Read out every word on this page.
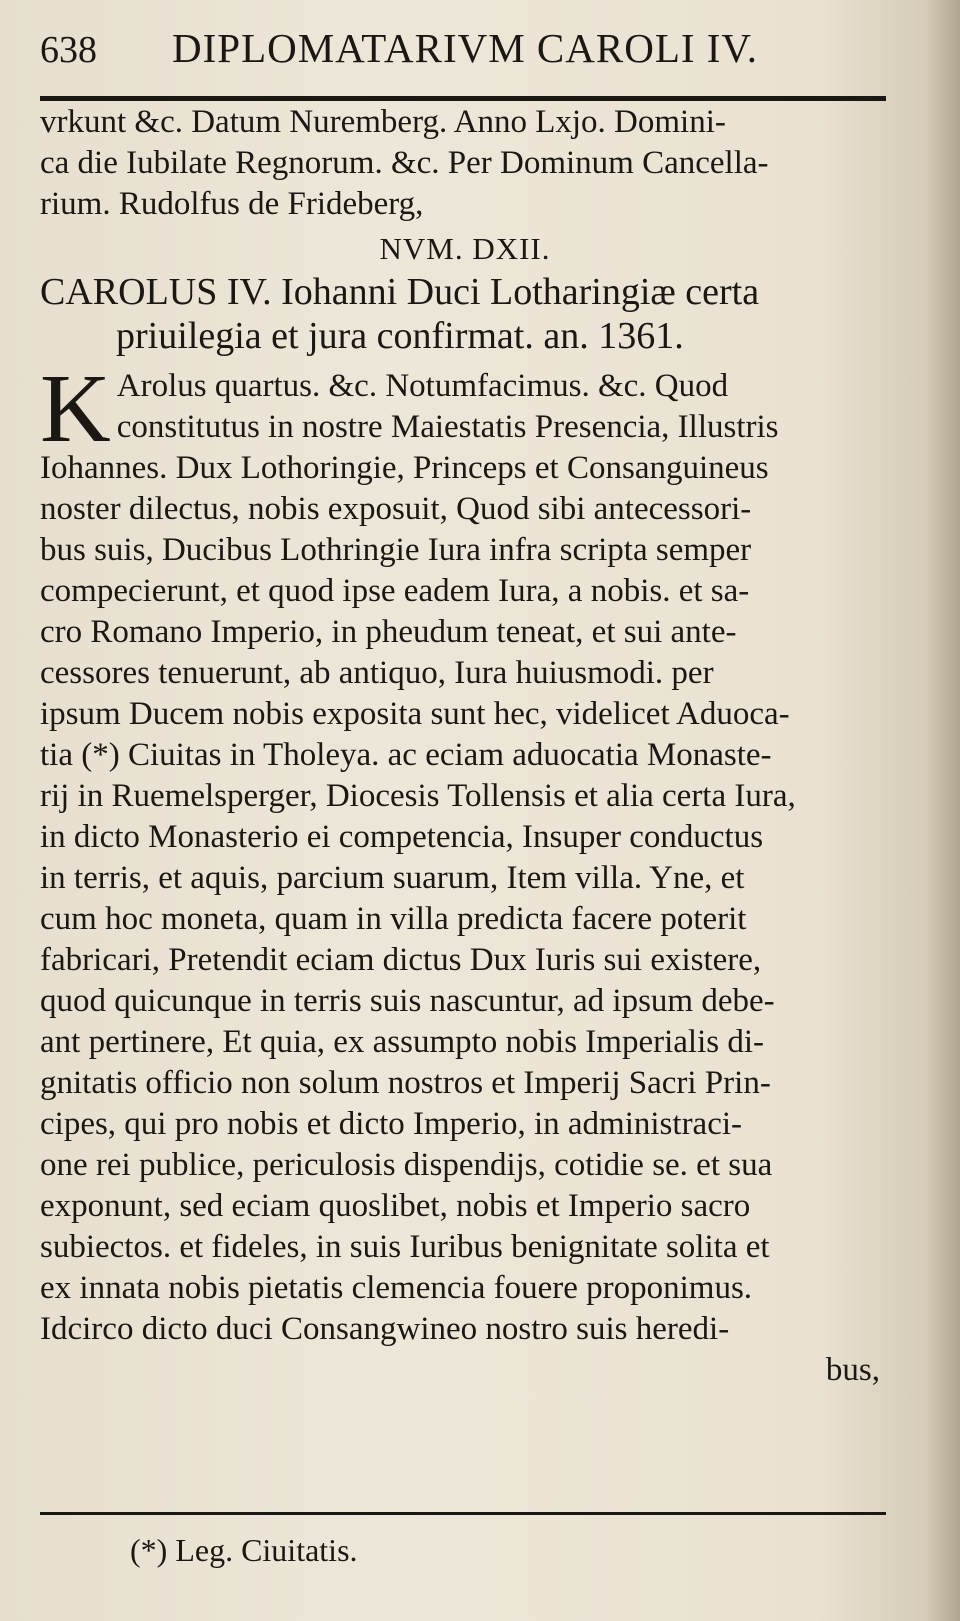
638 DIPLOMATARIVM CAROLI IV.
vrkunt &c. Datum Nuremberg. Anno Lxjo. Domini-
ca die Iubilate Regnorum. &c. Per Dominum Cancella-
rium. Rudolfus de Frideberg,
NVM. DXII.
CAROLUS IV. Iohanni Duci Lotharingiæ certa
priuilegia et jura confirmat. an. 1361.
K Arolus quartus. &c. Notumfacimus. &c. Quod
constitutus in nostre Maiestatis Presencia, Illustris
Iohannes. Dux Lothoringie, Princeps et Consanguineus
noster dilectus, nobis exposuit, Quod sibi antecessori-
bus suis, Ducibus Lothringie Iura infra scripta semper
compecierunt, et quod ipse eadem Iura, a nobis. et sa-
cro Romano Imperio, in pheudum teneat, et sui ante-
cessores tenuerunt, ab antiquo, Iura huiusmodi. per
ipsum Ducem nobis exposita sunt hec, videlicet Aduoca-
tia (*) Ciuitas in Tholeya. ac eciam aduocatia Monaste-
rij in Ruemelsperger, Diocesis Tollensis et alia certa Iura,
in dicto Monasterio ei competencia, Insuper conductus
in terris, et aquis, parcium suarum, Item villa. Yne, et
cum hoc moneta, quam in villa predicta facere poterit
fabricari, Pretendit eciam dictus Dux Iuris sui existere,
quod quicunque in terris suis nascuntur, ad ipsum debe-
ant pertinere, Et quia, ex assumpto nobis Imperialis di-
gnitatis officio non solum nostros et Imperij Sacri Prin-
cipes, qui pro nobis et dicto Imperio, in administraci-
one rei publice, periculosis dispendijs, cotidie se. et sua
exponunt, sed eciam quoslibet, nobis et Imperio sacro
subiectos. et fideles, in suis Iuribus benignitate solita et
ex innata nobis pietatis clemencia fouere proponimus.
Idcirco dicto duci Consangwineo nostro suis heredi-
bus,
(*) Leg. Ciuitatis.
